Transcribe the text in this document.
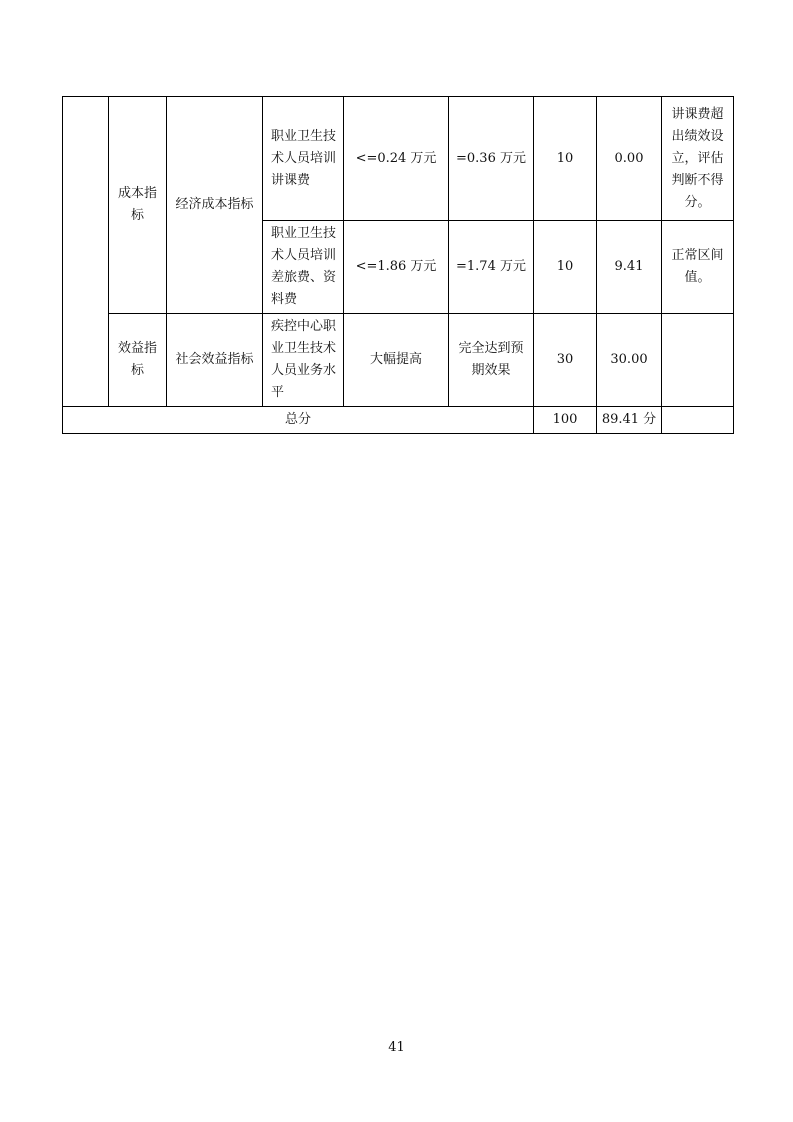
	成本指标	经济成本指标	职业卫生技术人员培训讲课费	<=0.24 万元	=0.36 万元	10	0.00	讲课费超出绩效设立，评估判断不得分。
			职业卫生技术人员培训差旅费、资料费	<=1.86 万元	=1.74 万元	10	9.41	正常区间值。
	效益指标	社会效益指标	疾控中心职业卫生技术人员业务水平	大幅提高	完全达到预期效果	30	30.00	
总分						100	89.41 分	
41
